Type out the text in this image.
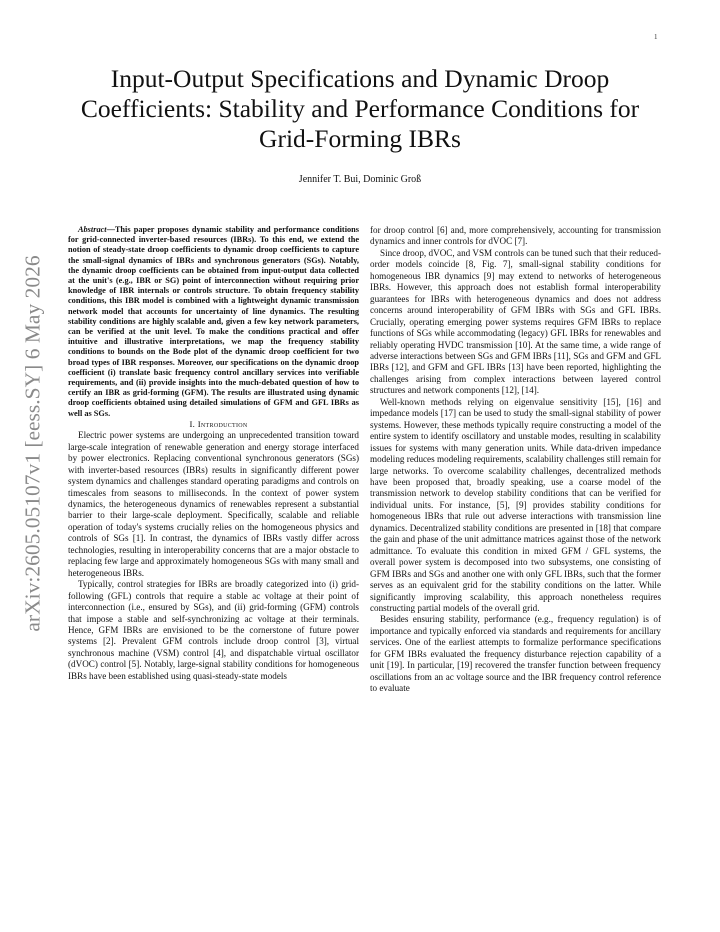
1
arXiv:2605.05107v1 [eess.SY] 6 May 2026
Input-Output Specifications and Dynamic Droop Coefficients: Stability and Performance Conditions for Grid-Forming IBRs
Jennifer T. Bui, Dominic Groß

Abstract—This paper proposes dynamic stability and performance conditions for grid-connected inverter-based resources (IBRs). To this end, we extend the notion of steady-state droop coefficients to dynamic droop coefficients to capture the small-signal dynamics of IBRs and synchronous generators (SGs). Notably, the dynamic droop coefficients can be obtained from input-output data collected at the unit's (e.g., IBR or SG) point of interconnection without requiring prior knowledge of IBR internals or controls structure. To obtain frequency stability conditions, this IBR model is combined with a lightweight dynamic transmission network model that accounts for uncertainty of line dynamics. The resulting stability conditions are highly scalable and, given a few key network parameters, can be verified at the unit level. To make the conditions practical and offer intuitive and illustrative interpretations, we map the frequency stability conditions to bounds on the Bode plot of the dynamic droop coefficient for two broad types of IBR responses. Moreover, our specifications on the dynamic droop coefficient (i) translate basic frequency control ancillary services into verifiable requirements, and (ii) provide insights into the much-debated question of how to certify an IBR as grid-forming (GFM). The results are illustrated using dynamic droop coefficients obtained using detailed simulations of GFM and GFL IBRs as well as SGs.

I. Introduction

Electric power systems are undergoing an unprecedented transition toward large-scale integration of renewable generation and energy storage interfaced by power electronics. Replacing conventional synchronous generators (SGs) with inverter-based resources (IBRs) results in significantly different power system dynamics and challenges standard operating paradigms and controls on timescales from seasons to milliseconds. In the context of power system dynamics, the heterogeneous dynamics of renewables represent a substantial barrier to their large-scale deployment. Specifically, scalable and reliable operation of today's systems crucially relies on the homogeneous physics and controls of SGs [1]. In contrast, the dynamics of IBRs vastly differ across technologies, resulting in interoperability concerns that are a major obstacle to replacing few large and approximately homogeneous SGs with many small and heterogeneous IBRs.

Typically, control strategies for IBRs are broadly categorized into (i) grid-following (GFL) controls that require a stable ac voltage at their point of interconnection (i.e., ensured by SGs), and (ii) grid-forming (GFM) controls that impose a stable and self-synchronizing ac voltage at their terminals. Hence, GFM IBRs are envisioned to be the cornerstone of future power systems [2]. Prevalent GFM controls include droop control [3], virtual synchronous machine (VSM) control [4], and dispatchable virtual oscillator (dVOC) control [5]. Notably, large-signal stability conditions for homogeneous IBRs have been established using quasi-steady-state models

for droop control [6] and, more comprehensively, accounting for transmission dynamics and inner controls for dVOC [7].

Since droop, dVOC, and VSM controls can be tuned such that their reduced-order models coincide [8, Fig. 7], small-signal stability conditions for homogeneous IBR dynamics [9] may extend to networks of heterogeneous IBRs. However, this approach does not establish formal interoperability guarantees for IBRs with heterogeneous dynamics and does not address concerns around interoperability of GFM IBRs with SGs and GFL IBRs. Crucially, operating emerging power systems requires GFM IBRs to replace functions of SGs while accommodating (legacy) GFL IBRs for renewables and reliably operating HVDC transmission [10]. At the same time, a wide range of adverse interactions between SGs and GFM IBRs [11], SGs and GFM and GFL IBRs [12], and GFM and GFL IBRs [13] have been reported, highlighting the challenges arising from complex interactions between layered control structures and network components [12], [14].

Well-known methods relying on eigenvalue sensitivity [15], [16] and impedance models [17] can be used to study the small-signal stability of power systems. However, these methods typically require constructing a model of the entire system to identify oscillatory and unstable modes, resulting in scalability issues for systems with many generation units. While data-driven impedance modeling reduces modeling requirements, scalability challenges still remain for large networks. To overcome scalability challenges, decentralized methods have been proposed that, broadly speaking, use a coarse model of the transmission network to develop stability conditions that can be verified for individual units. For instance, [5], [9] provides stability conditions for homogeneous IBRs that rule out adverse interactions with transmission line dynamics. Decentralized stability conditions are presented in [18] that compare the gain and phase of the unit admittance matrices against those of the network admittance. To evaluate this condition in mixed GFM / GFL systems, the overall power system is decomposed into two subsystems, one consisting of GFM IBRs and SGs and another one with only GFL IBRs, such that the former serves as an equivalent grid for the stability conditions on the latter. While significantly improving scalability, this approach nonetheless requires constructing partial models of the overall grid.

Besides ensuring stability, performance (e.g., frequency regulation) is of importance and typically enforced via standards and requirements for ancillary services. One of the earliest attempts to formalize performance specifications for GFM IBRs evaluated the frequency disturbance rejection capability of a unit [19]. In particular, [19] recovered the transfer function between frequency oscillations from an ac voltage source and the IBR frequency control reference to evaluate
